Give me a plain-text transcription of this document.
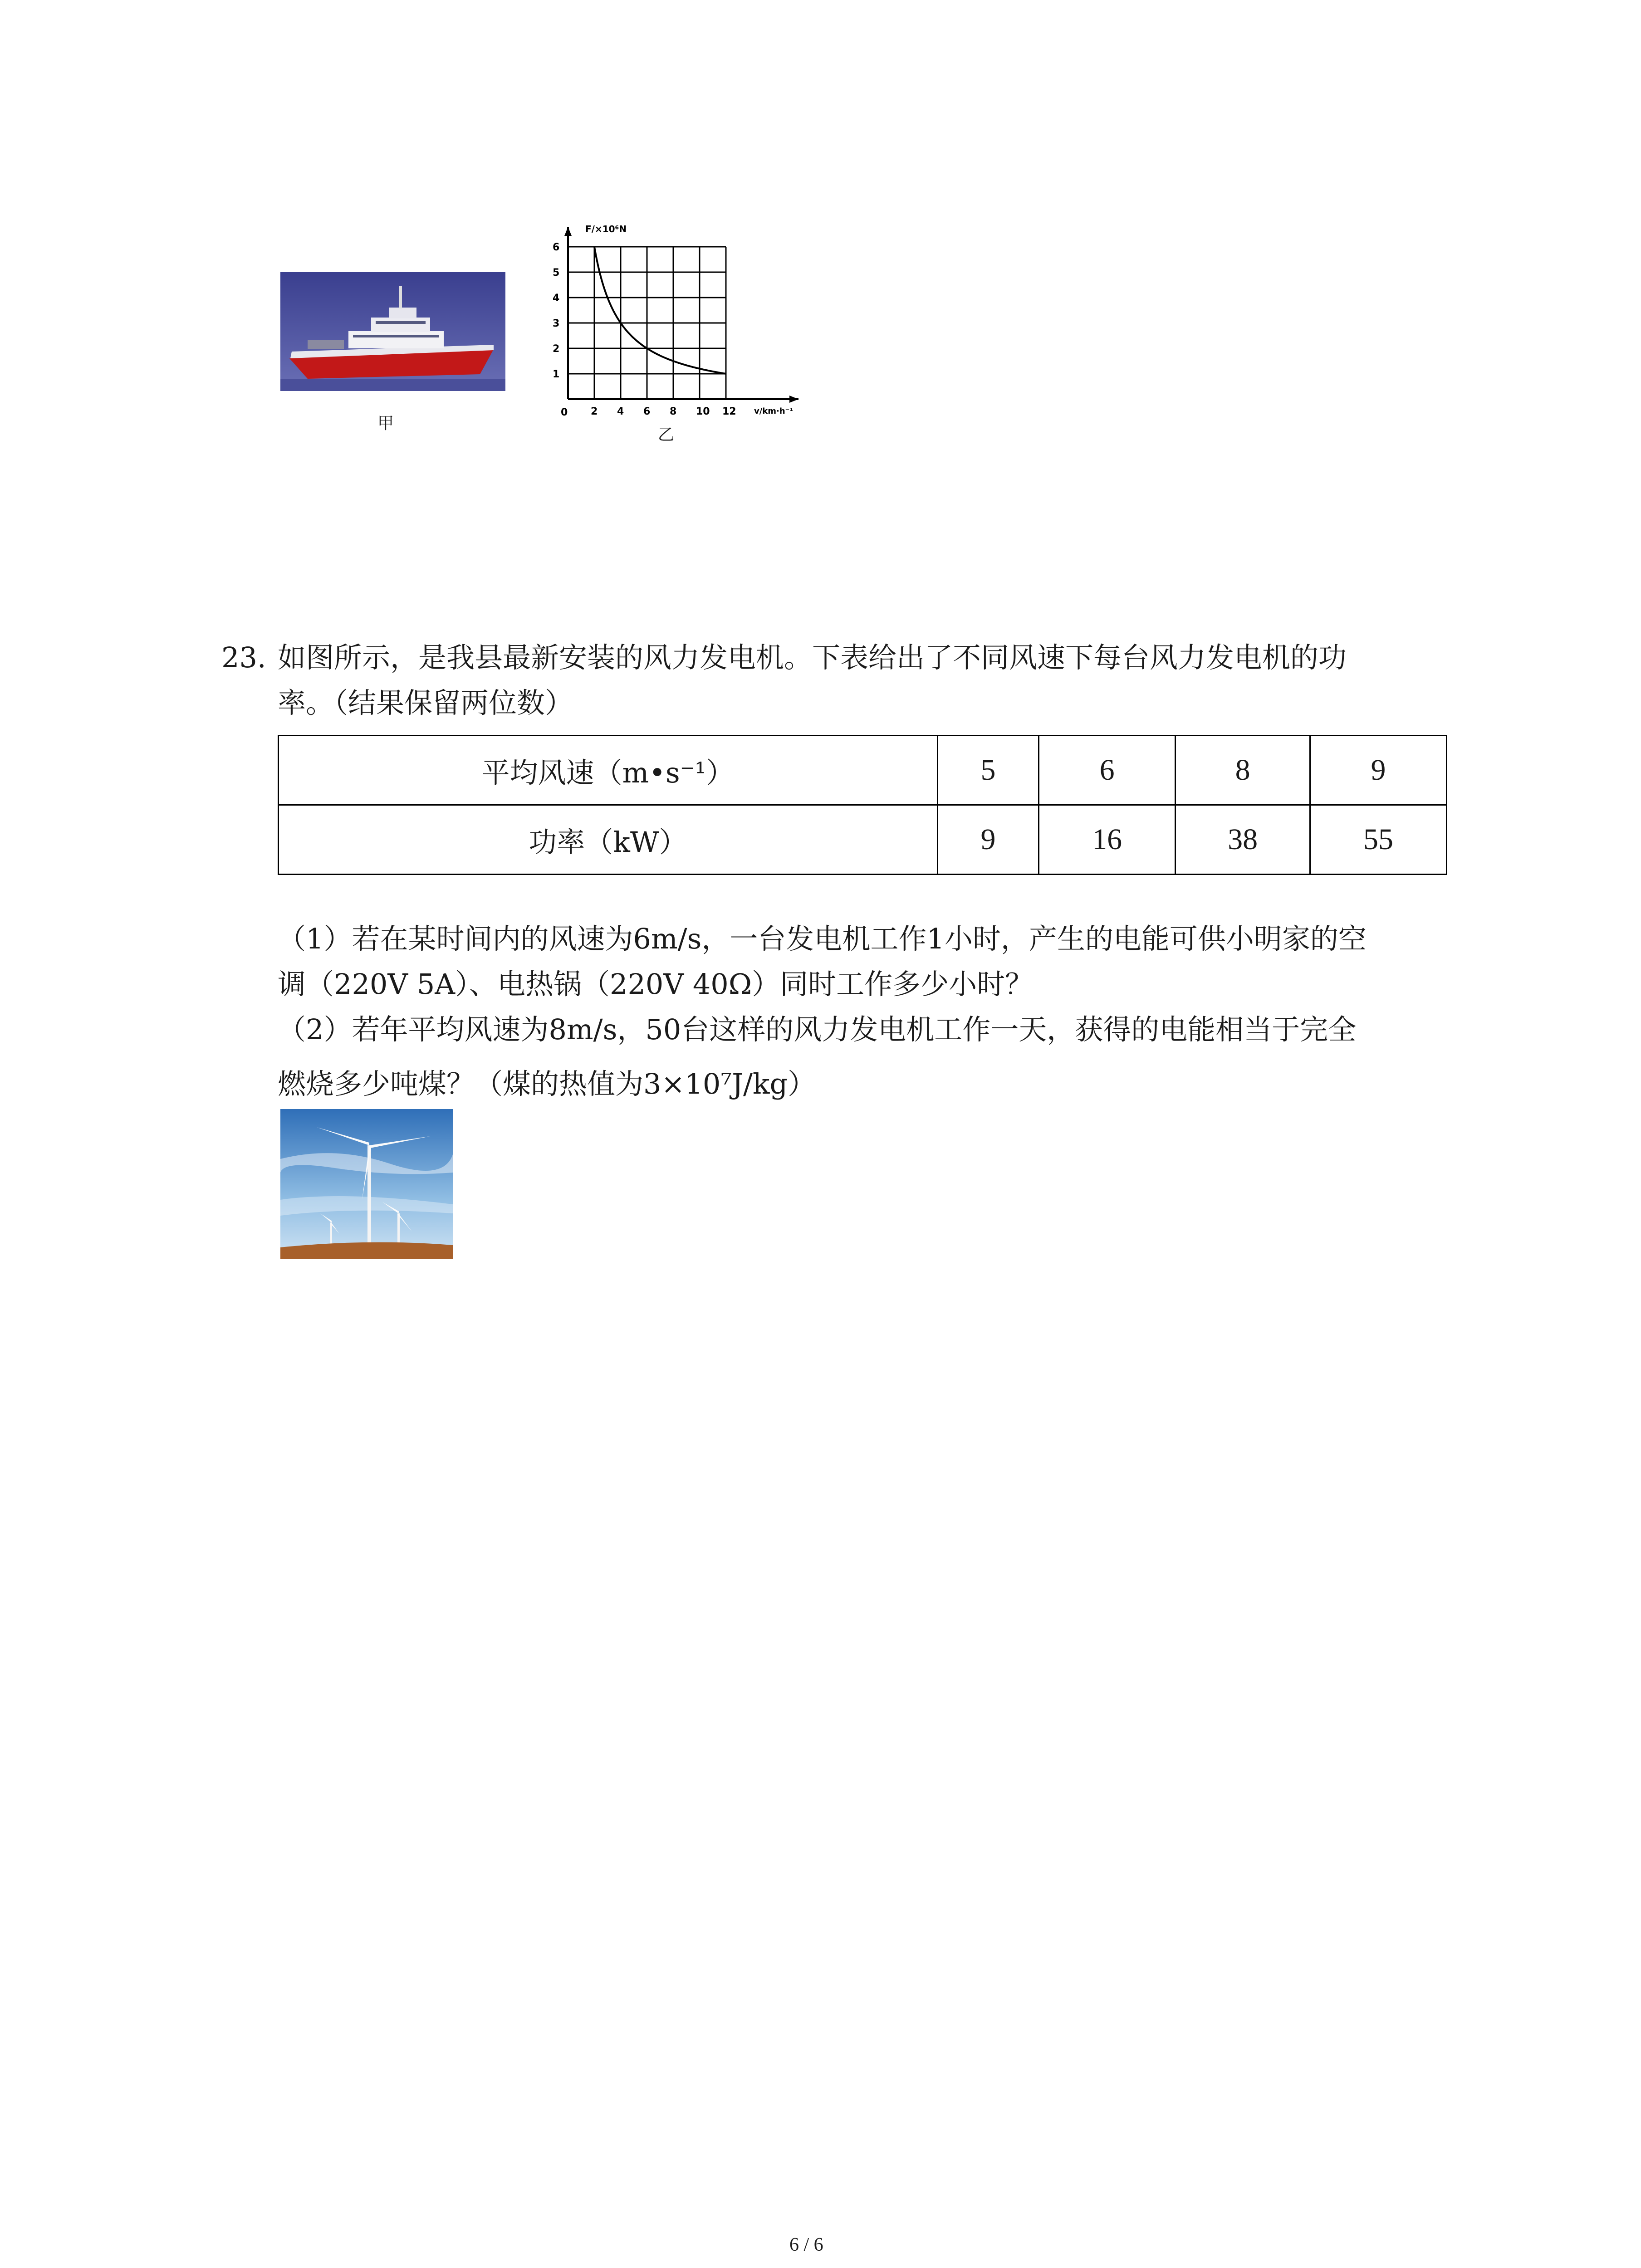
甲
2 4 6 8 10 12
1
2
3
4
5
6
F/×10⁶N
v/km·h⁻¹
0
乙
23. 如图所示，是我县最新安装的风力发电机。下表给出了不同风速下每台风力发电机的功
率。（结果保留两位数）
平均风速（m•s⁻¹）	5	6	8	9
功率（kW）	9	16	38	55
（1）若在某时间内的风速为6m/s，一台发电机工作1小时，产生的电能可供小明家的空
调（220V 5A）、电热锅（220V 40Ω）同时工作多少小时？
（2）若年平均风速为8m/s，50台这样的风力发电机工作一天，获得的电能相当于完全
燃烧多少吨煤？（煤的热值为3×10⁷J/kg）
6 / 6
